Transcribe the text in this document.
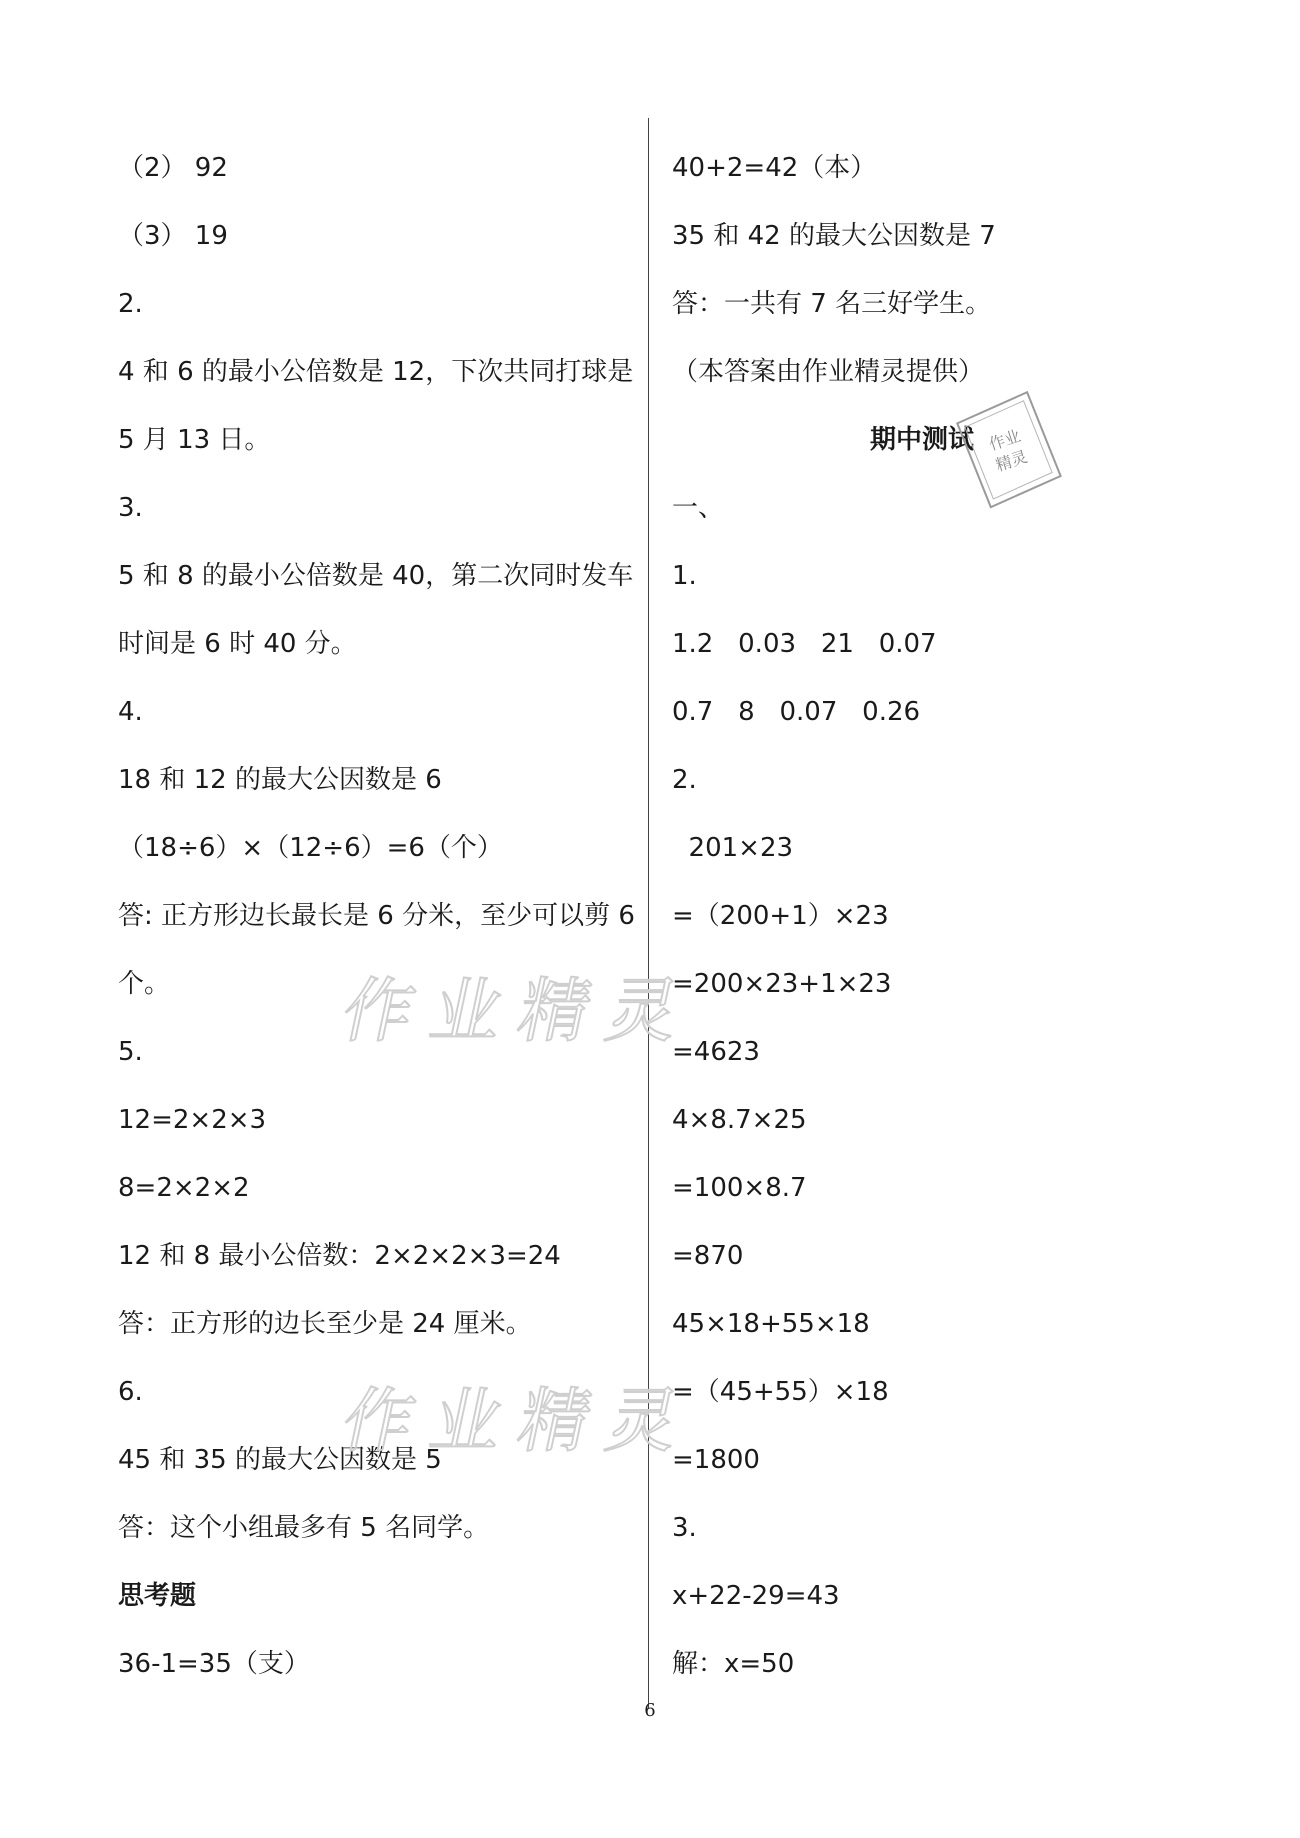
（2） 92
（3） 19
2.
4 和 6 的最小公倍数是 12，下次共同打球是
5 月 13 日。
3.
5 和 8 的最小公倍数是 40，第二次同时发车
时间是 6 时 40 分。
4.
18 和 12 的最大公因数是 6
（18÷6）×（12÷6）=6（个）
答: 正方形边长最长是 6 分米，至少可以剪 6
个。
5.
12=2×2×3
8=2×2×2
12 和 8 最小公倍数：2×2×2×3=24
答：正方形的边长至少是 24 厘米。
6.
45 和 35 的最大公因数是 5
答：这个小组最多有 5 名同学。
思考题
36-1=35（支）
40+2=42（本）
35 和 42 的最大公因数是 7
答：一共有 7 名三好学生。
（本答案由作业精灵提供）
期中测试
一、
1.
1.2   0.03   21   0.07
0.7   8   0.07   0.26
2.
201×23
=（200+1）×23
=200×23+1×23
=4623
4×8.7×25
=100×8.7
=870
45×18+55×18
=（45+55）×18
=1800
3.
x+22-29=43
解：x=50
作业精灵
作业精灵
作业
精灵
6
